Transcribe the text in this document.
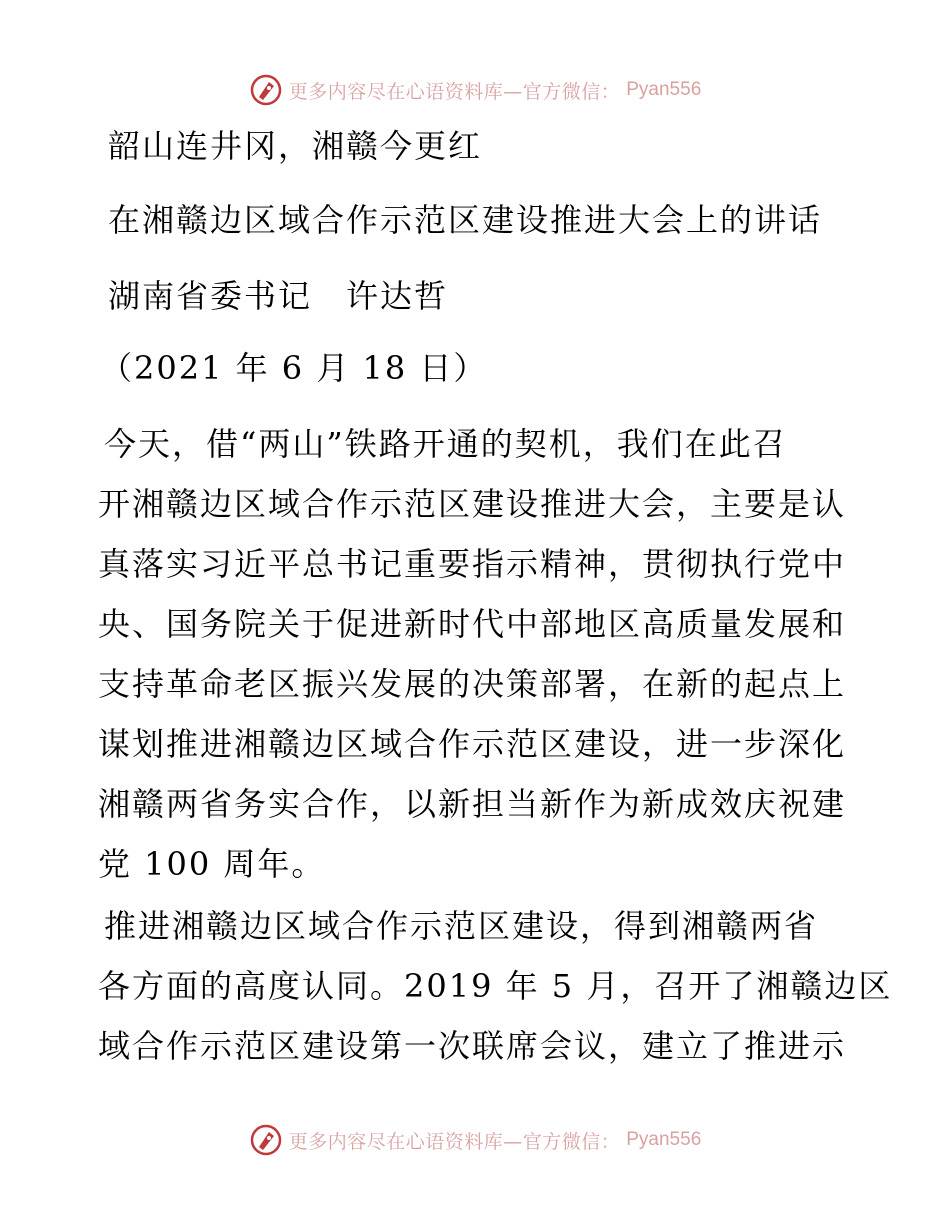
更多内容尽在心语资料库—官方微信： Pyan556
韶山连井冈，湘赣今更红
在湘赣边区域合作示范区建设推进大会上的讲话
湖南省委书记　许达哲
（2021 年 6 月 18 日）
今天，借“两山”铁路开通的契机，我们在此召
开湘赣边区域合作示范区建设推进大会，主要是认
真落实习近平总书记重要指示精神，贯彻执行党中
央、国务院关于促进新时代中部地区高质量发展和
支持革命老区振兴发展的决策部署，在新的起点上
谋划推进湘赣边区域合作示范区建设，进一步深化
湘赣两省务实合作，以新担当新作为新成效庆祝建
党 100 周年。
推进湘赣边区域合作示范区建设，得到湘赣两省
各方面的高度认同。2019 年 5 月，召开了湘赣边区
域合作示范区建设第一次联席会议，建立了推进示
更多内容尽在心语资料库—官方微信： Pyan556
